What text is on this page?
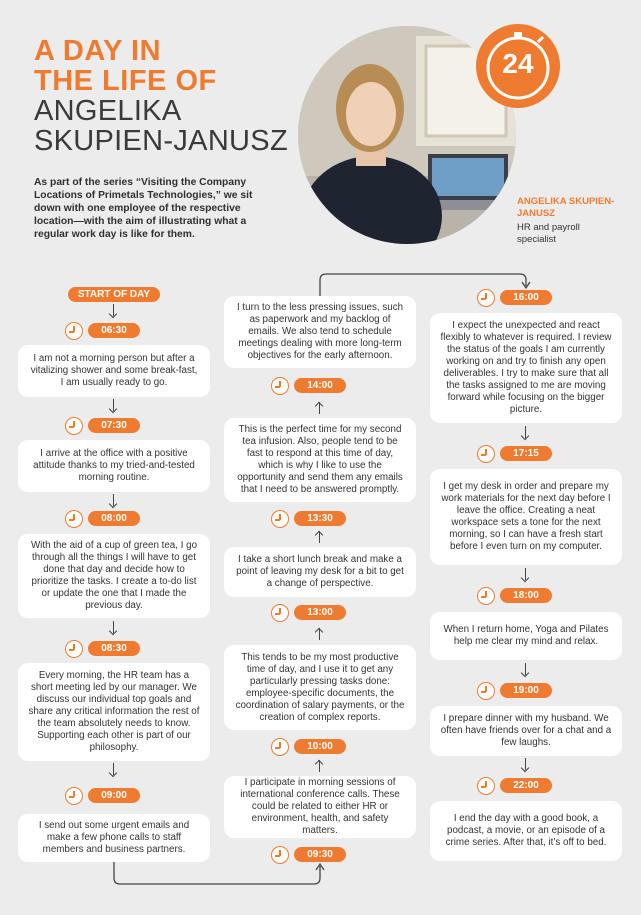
A DAY IN
THE LIFE OF
ANGELIKA
SKUPIEN-JANUSZ
As part of the series “Visiting the Company Locations of Primetals Technologies,” we sit down with one employee of the respective location—with the aim of illustrating what a regular work day is like for them.
24
ANGELIKA SKUPIEN-JANUSZ
HR and payroll specialist
START OF DAY
06:30
I am not a morning person but after a vitalizing shower and some break-fast, I am usually ready to go.
07:30
I arrive at the office with a positive attitude thanks to my tried-and-tested morning routine.
08:00
With the aid of a cup of green tea, I go through all the things I will have to get done that day and decide how to prioritize the tasks. I create a to-do list or update the one that I made the previous day.
08:30
Every morning, the HR team has a short meeting led by our manager. We discuss our individual top goals and share any critical information the rest of the team absolutely needs to know. Supporting each other is part of our philosophy.
09:00
I send out some urgent emails and make a few phone calls to staff members and business partners.
I turn to the less pressing issues, such as paperwork and my backlog of emails. We also tend to schedule meetings dealing with more long-term objectives for the early afternoon.
14:00
This is the perfect time for my second tea infusion. Also, people tend to be fast to respond at this time of day, which is why I like to use the opportunity and send them any emails that I need to be answered promptly.
13:30
I take a short lunch break and make a point of leaving my desk for a bit to get a change of perspective.
13:00
This tends to be my most productive time of day, and I use it to get any particularly pressing tasks done: employee-specific documents, the coordination of salary payments, or the creation of complex reports.
10:00
I participate in morning sessions of international conference calls. These could be related to either HR or environment, health, and safety matters.
09:30
16:00
I expect the unexpected and react flexibly to whatever is required. I review the status of the goals I am currently working on and try to finish any open deliverables. I try to make sure that all the tasks assigned to me are moving forward while focusing on the bigger picture.
17:15
I get my desk in order and prepare my work materials for the next day before I leave the office. Creating a neat workspace sets a tone for the next morning, so I can have a fresh start before I even turn on my computer.
18:00
When I return home, Yoga and Pilates help me clear my mind and relax.
19:00
I prepare dinner with my husband. We often have friends over for a chat and a few laughs.
22:00
I end the day with a good book, a podcast, a movie, or an episode of a crime series. After that, it’s off to bed.
